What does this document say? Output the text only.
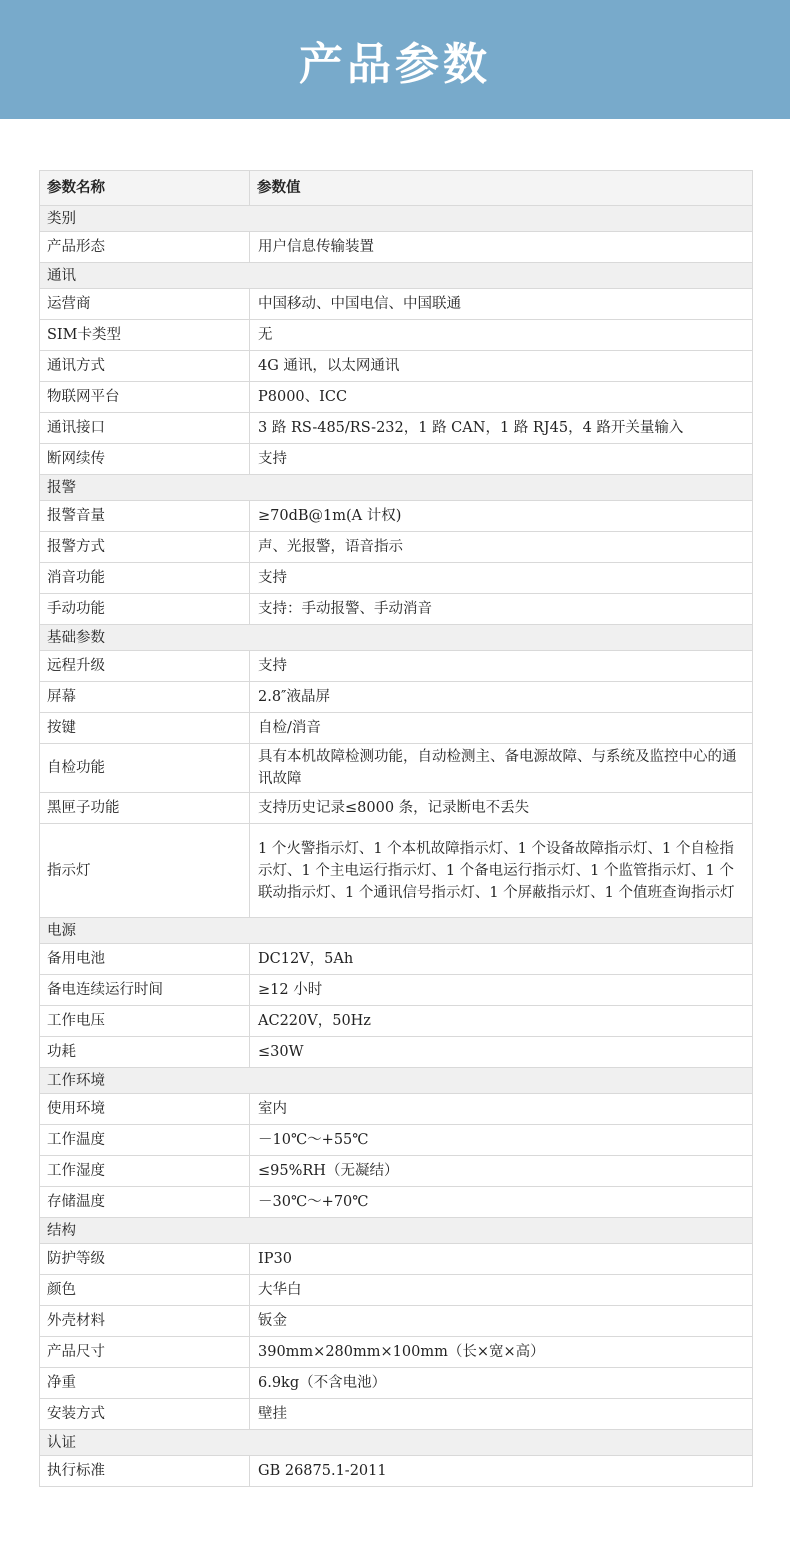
产品参数
参数名称	参数值
类别	
产品形态	用户信息传输装置
通讯	
运营商	中国移动、中国电信、中国联通
SIM卡类型	无
通讯方式	4G 通讯，以太网通讯
物联网平台	P8000、ICC
通讯接口	3 路 RS-485/RS-232，1 路 CAN，1 路 RJ45，4 路开关量输入
断网续传	支持
报警	
报警音量	≥70dB@1m(A 计权)
报警方式	声、光报警，语音指示
消音功能	支持
手动功能	支持：手动报警、手动消音
基础参数	
远程升级	支持
屏幕	2.8″液晶屏
按键	自检/消音
自检功能	具有本机故障检测功能，自动检测主、备电源故障、与系统及监控中心的通讯故障
黑匣子功能	支持历史记录≤8000 条，记录断电不丢失
指示灯	1 个火警指示灯、1 个本机故障指示灯、1 个设备故障指示灯、1 个自检指示灯、1 个主电运行指示灯、1 个备电运行指示灯、1 个监管指示灯、1 个联动指示灯、1 个通讯信号指示灯、1 个屏蔽指示灯、1 个值班查询指示灯
电源	
备用电池	DC12V，5Ah
备电连续运行时间	≥12 小时
工作电压	AC220V，50Hz
功耗	≤30W
工作环境	
使用环境	室内
工作温度	－10℃～+55℃
工作湿度	≤95%RH（无凝结）
存储温度	－30℃～+70℃
结构	
防护等级	IP30
颜色	大华白
外壳材料	钣金
产品尺寸	390mm×280mm×100mm（长×宽×高）
净重	6.9kg（不含电池）
安装方式	壁挂
认证	
执行标准	GB 26875.1-2011
